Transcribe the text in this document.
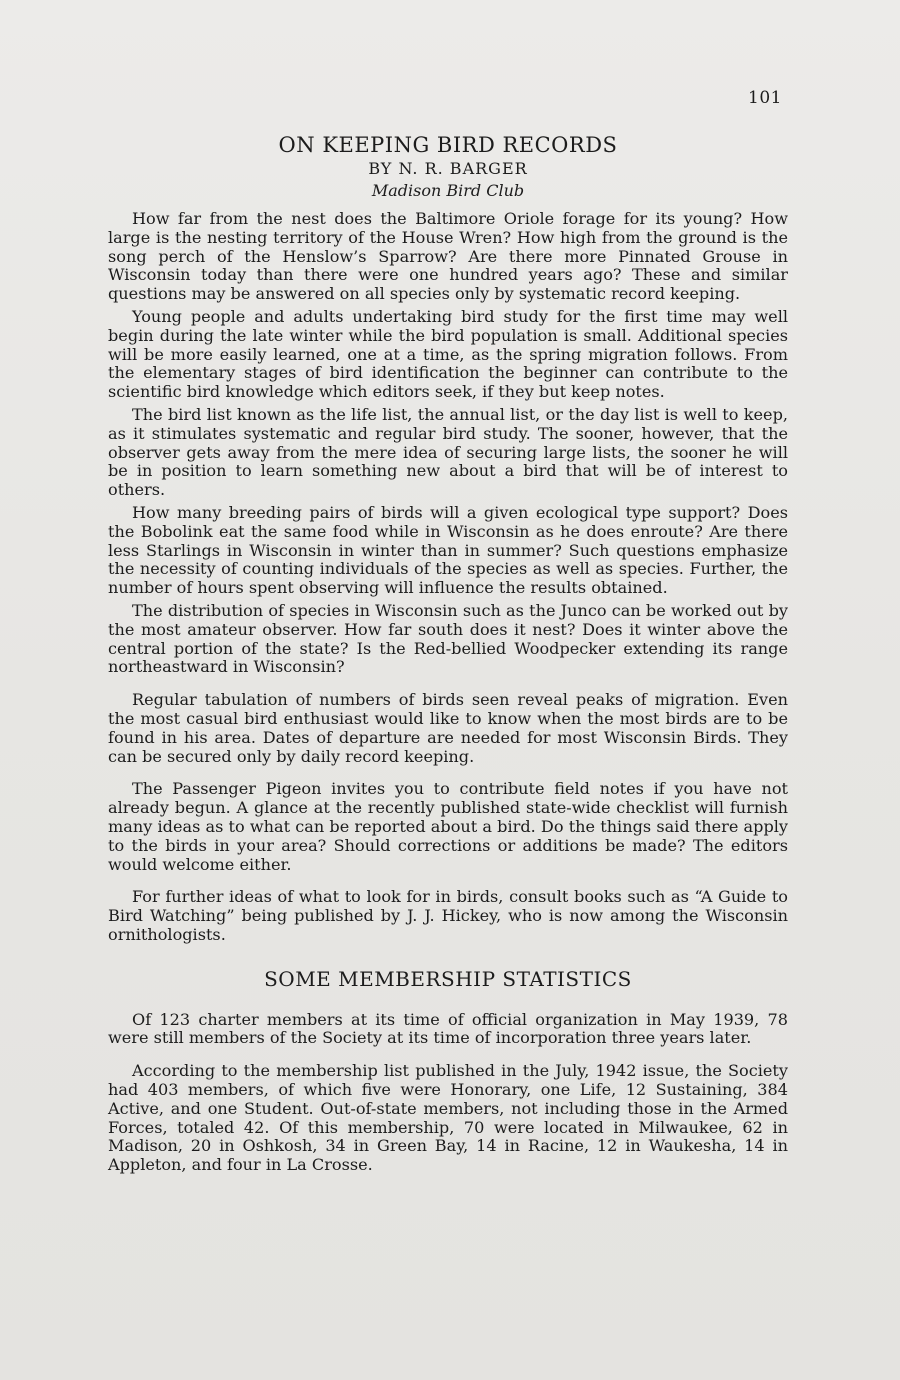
101
ON KEEPING BIRD RECORDS
BY N. R. BARGER
Madison Bird Club

How far from the nest does the Baltimore Oriole forage for its young? How large is the nesting territory of the House Wren? How high from the ground is the song perch of the Henslow’s Sparrow? Are there more Pinnated Grouse in Wisconsin today than there were one hundred years ago? These and similar questions may be answered on all species only by systematic record keeping.

Young people and adults undertaking bird study for the first time may well begin during the late winter while the bird population is small. Additional species will be more easily learned, one at a time, as the spring migration follows. From the elementary stages of bird identification the beginner can contribute to the scientific bird knowledge which editors seek, if they but keep notes.

The bird list known as the life list, the annual list, or the day list is well to keep, as it stimulates systematic and regular bird study. The sooner, however, that the observer gets away from the mere idea of securing large lists, the sooner he will be in position to learn something new about a bird that will be of interest to others.

How many breeding pairs of birds will a given ecological type support? Does the Bobolink eat the same food while in Wisconsin as he does enroute? Are there less Starlings in Wisconsin in winter than in summer? Such questions emphasize the necessity of counting individuals of the species as well as species. Further, the number of hours spent observing will influence the results obtained.

The distribution of species in Wisconsin such as the Junco can be worked out by the most amateur observer. How far south does it nest? Does it winter above the central portion of the state? Is the Red-bellied Woodpecker extending its range northeastward in Wisconsin?

Regular tabulation of numbers of birds seen reveal peaks of migration. Even the most casual bird enthusiast would like to know when the most birds are to be found in his area. Dates of departure are needed for most Wisconsin Birds. They can be secured only by daily record keeping.

The Passenger Pigeon invites you to contribute field notes if you have not already begun. A glance at the recently published state-wide checklist will furnish many ideas as to what can be reported about a bird. Do the things said there apply to the birds in your area? Should corrections or additions be made? The editors would welcome either.

For further ideas of what to look for in birds, consult books such as “A Guide to Bird Watching” being published by J. J. Hickey, who is now among the Wisconsin ornithologists.

SOME MEMBERSHIP STATISTICS

Of 123 charter members at its time of official organization in May 1939, 78 were still members of the Society at its time of incorporation three years later.

According to the membership list published in the July, 1942 issue, the Society had 403 members, of which five were Honorary, one Life, 12 Sustaining, 384 Active, and one Student. Out-of-state members, not including those in the Armed Forces, totaled 42. Of this membership, 70 were located in Milwaukee, 62 in Madison, 20 in Oshkosh, 34 in Green Bay, 14 in Racine, 12 in Waukesha, 14 in Appleton, and four in La Crosse.
